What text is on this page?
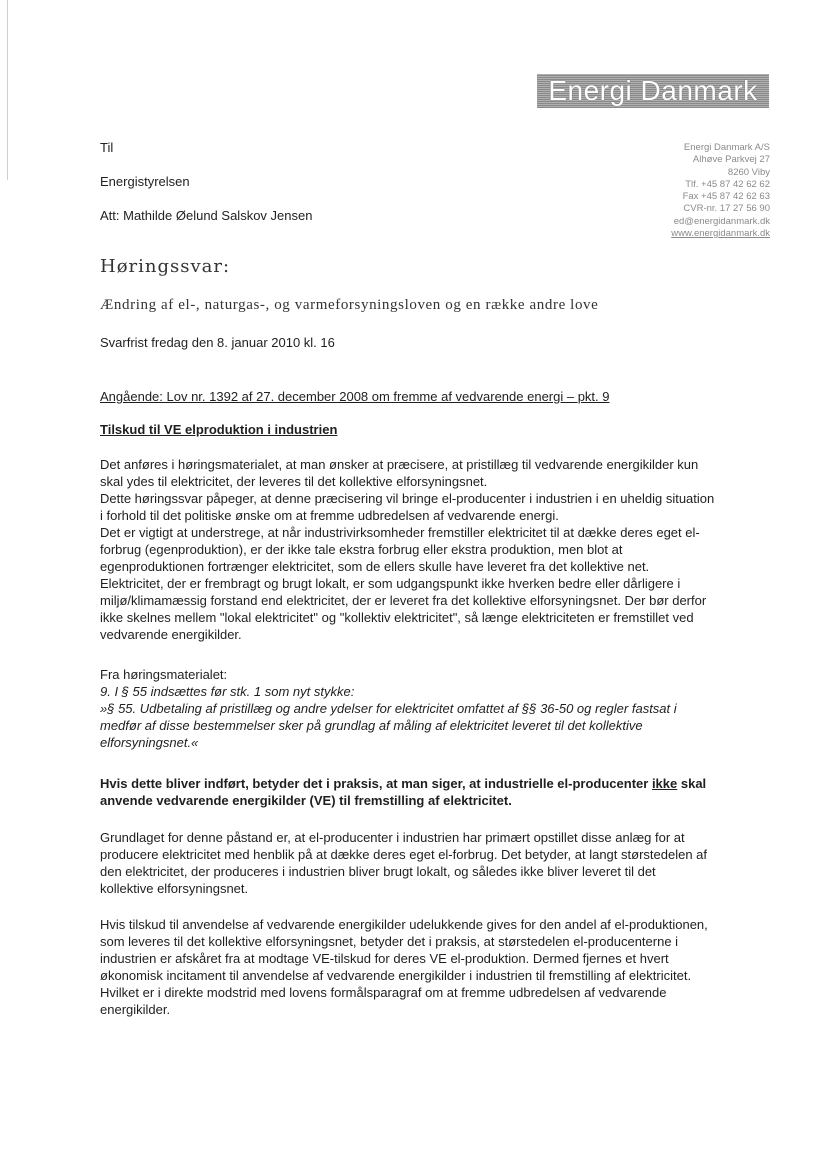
Energi Danmark
Til
Energistyrelsen
Att: Mathilde Øelund Salskov Jensen
Energi Danmark A/S
Alhøve Parkvej 27
8260 Viby
Tlf. +45 87 42 62 62
Fax +45 87 42 62 63
CVR-nr. 17 27 56 90
ed@energidanmark.dk
www.energidanmark.dk
Høringssvar:
Ændring af el-, naturgas-, og varmeforsyningsloven og en række andre love
Svarfrist fredag den 8. januar 2010 kl. 16
Angående: Lov nr. 1392 af 27. december 2008 om fremme af vedvarende energi – pkt. 9
Tilskud til VE elproduktion i industrien

Det anføres i høringsmaterialet, at man ønsker at præcisere, at pristillæg til vedvarende energikilder kun

skal ydes til elektricitet, der leveres til det kollektive elforsyningsnet.

Dette høringssvar påpeger, at denne præcisering vil bringe el-producenter i industrien i en uheldig situation

i forhold til det politiske ønske om at fremme udbredelsen af vedvarende energi.

Det er vigtigt at understrege, at når industrivirksomheder fremstiller elektricitet til at dække deres eget el-

forbrug (egenproduktion), er der ikke tale ekstra forbrug eller ekstra produktion, men blot at

egenproduktionen fortrænger elektricitet, som de ellers skulle have leveret fra det kollektive net.

Elektricitet, der er frembragt og brugt lokalt, er som udgangspunkt ikke hverken bedre eller dårligere i

miljø/klimamæssig forstand end elektricitet, der er leveret fra det kollektive elforsyningsnet. Der bør derfor

ikke skelnes mellem "lokal elektricitet" og "kollektiv elektricitet", så længe elektriciteten er fremstillet ved

vedvarende energikilder.

Fra høringsmaterialet:

9. I § 55 indsættes før stk. 1 som nyt stykke:

»§ 55. Udbetaling af pristillæg og andre ydelser for elektricitet omfattet af §§ 36-50 og regler fastsat i

medfør af disse bestemmelser sker på grundlag af måling af elektricitet leveret til det kollektive

elforsyningsnet.«

Hvis dette bliver indført, betyder det i praksis, at man siger, at industrielle el-producenter ikke skal

anvende vedvarende energikilder (VE) til fremstilling af elektricitet.

Grundlaget for denne påstand er, at el-producenter i industrien har primært opstillet disse anlæg for at

producere elektricitet med henblik på at dække deres eget el-forbrug. Det betyder, at langt størstedelen af

den elektricitet, der produceres i industrien bliver brugt lokalt, og således ikke bliver leveret til det

kollektive elforsyningsnet.

Hvis tilskud til anvendelse af vedvarende energikilder udelukkende gives for den andel af el-produktionen,

som leveres til det kollektive elforsyningsnet, betyder det i praksis, at størstedelen el-producenterne i

industrien er afskåret fra at modtage VE-tilskud for deres VE el-produktion. Dermed fjernes et hvert

økonomisk incitament til anvendelse af vedvarende energikilder i industrien til fremstilling af elektricitet.

Hvilket er i direkte modstrid med lovens formålsparagraf om at fremme udbredelsen af vedvarende

energikilder.
